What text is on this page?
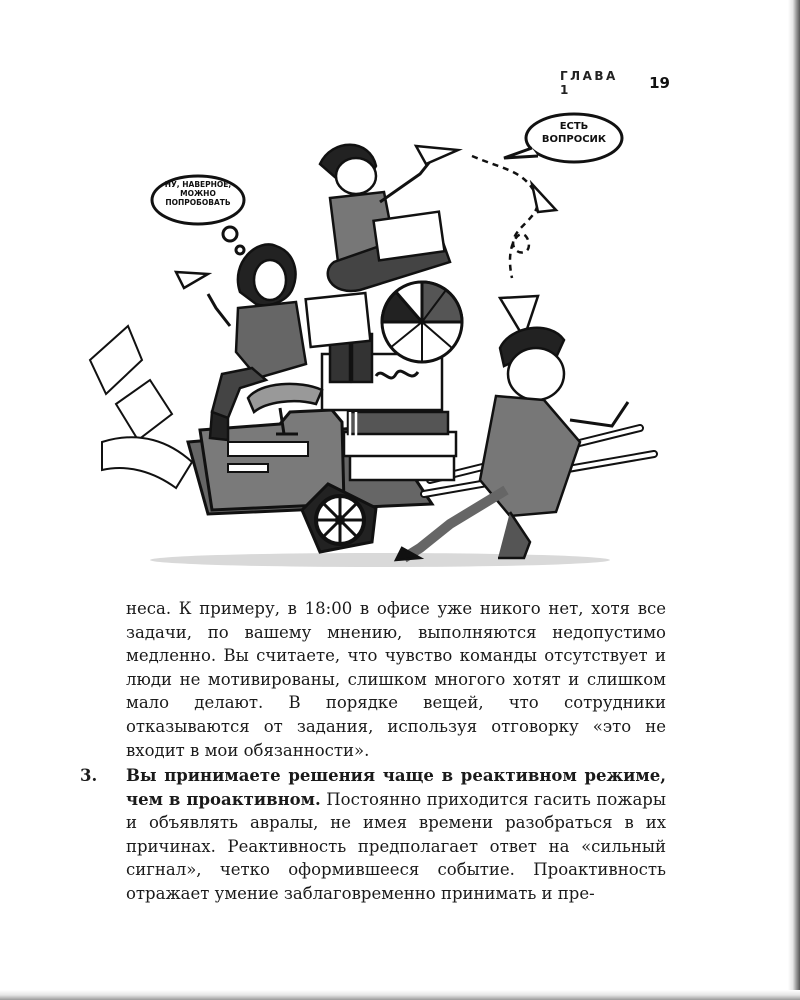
ГЛАВА 1	19
НУ, НАВЕРНОЕ, МОЖНО ПОПРОБОВАТЬ
ЕСТЬ ВОПРОСИК

неса. К примеру, в 18:00 в офисе уже никого нет, хотя все задачи, по вашему мнению, выполняются недопустимо медленно. Вы считаете, что чувство команды отсутствует и люди не мотивированы, слишком многого хотят и слишком мало делают. В порядке вещей, что сотрудники отказываются от задания, используя отговорку «это не входит в мои обязанности».

3.	Вы принимаете решения чаще в реактивном режиме, чем в проактивном. Постоянно приходится гасить пожары и объявлять авралы, не имея времени разобраться в их причинах. Реактивность предполагает ответ на «сильный сигнал», четко оформившееся событие. Проактивность отражает умение заблаговременно принимать и пре-
